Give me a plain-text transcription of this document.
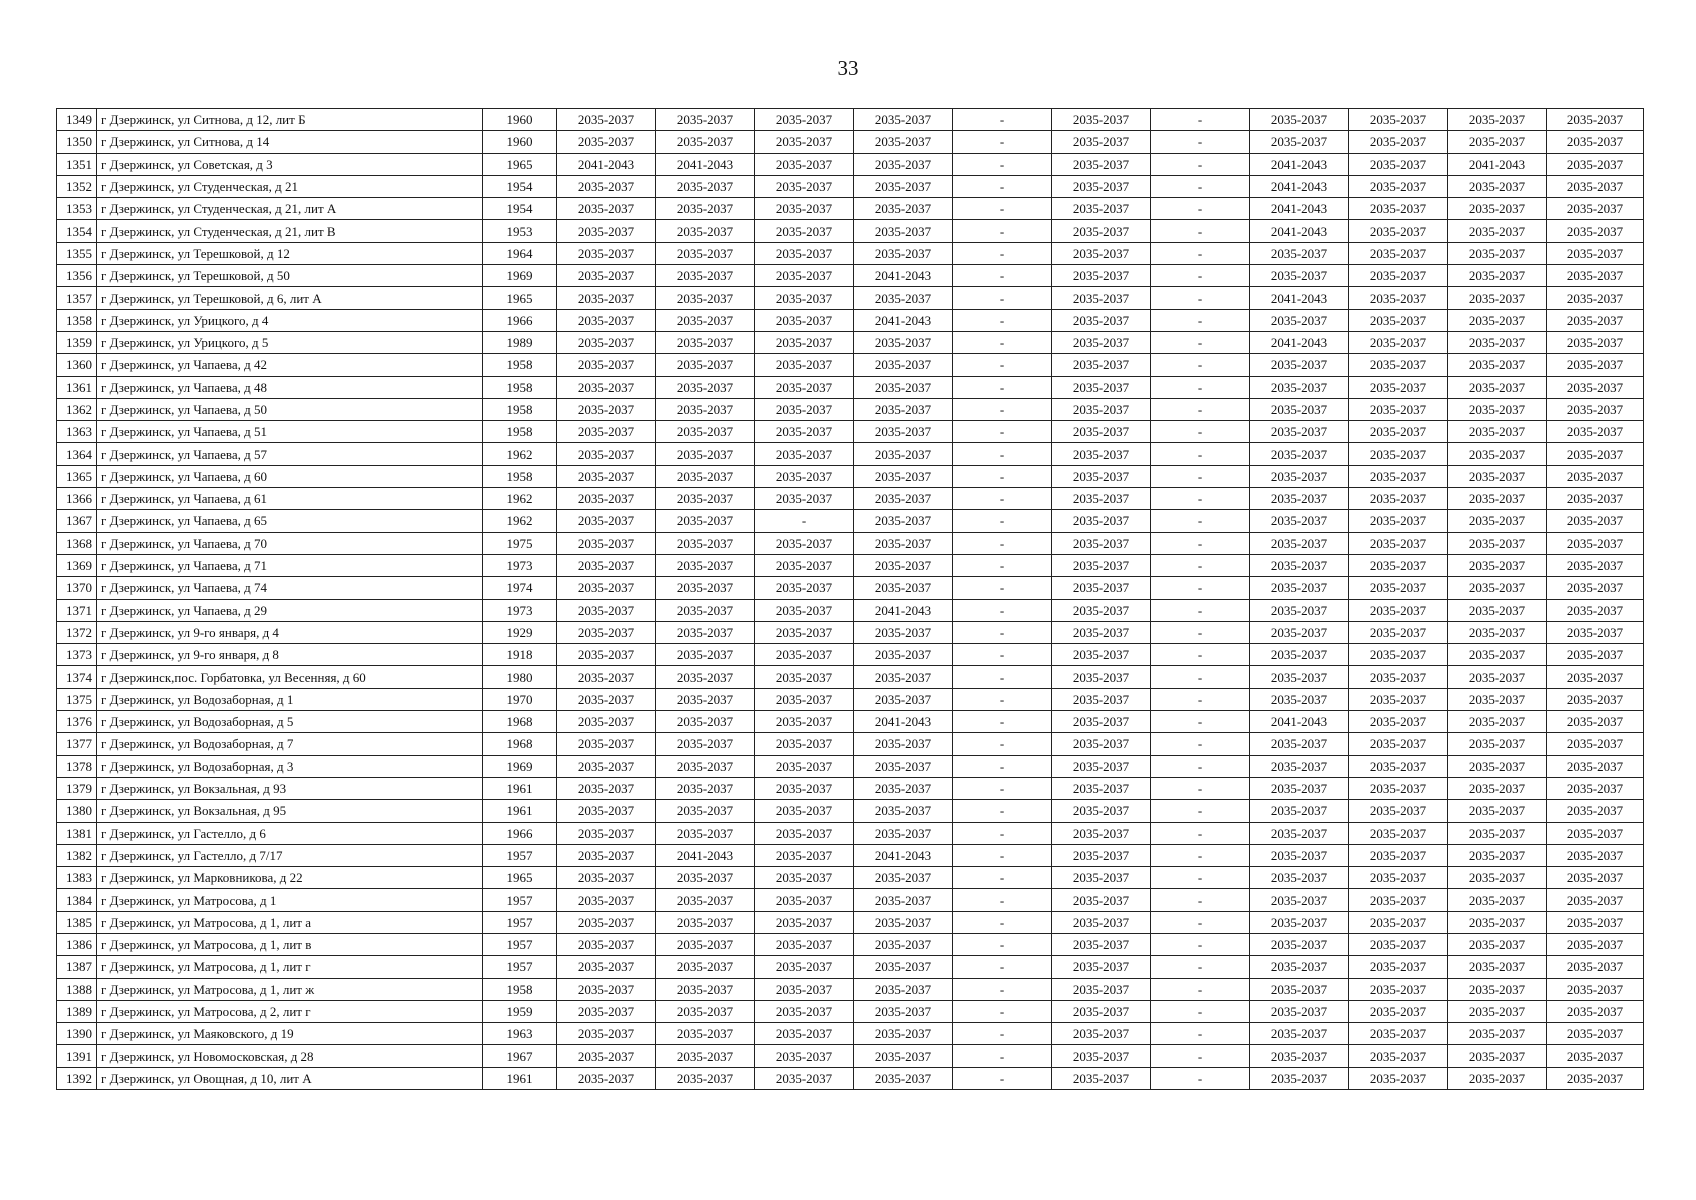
33
1349	г Дзержинск, ул Ситнова, д 12, лит Б	1960	2035-2037	2035-2037	2035-2037	2035-2037	-	2035-2037	-	2035-2037	2035-2037	2035-2037	2035-2037
1350	г Дзержинск, ул Ситнова, д 14	1960	2035-2037	2035-2037	2035-2037	2035-2037	-	2035-2037	-	2035-2037	2035-2037	2035-2037	2035-2037
1351	г Дзержинск, ул Советская, д 3	1965	2041-2043	2041-2043	2035-2037	2035-2037	-	2035-2037	-	2041-2043	2035-2037	2041-2043	2035-2037
1352	г Дзержинск, ул Студенческая, д 21	1954	2035-2037	2035-2037	2035-2037	2035-2037	-	2035-2037	-	2041-2043	2035-2037	2035-2037	2035-2037
1353	г Дзержинск, ул Студенческая, д 21, лит А	1954	2035-2037	2035-2037	2035-2037	2035-2037	-	2035-2037	-	2041-2043	2035-2037	2035-2037	2035-2037
1354	г Дзержинск, ул Студенческая, д 21, лит В	1953	2035-2037	2035-2037	2035-2037	2035-2037	-	2035-2037	-	2041-2043	2035-2037	2035-2037	2035-2037
1355	г Дзержинск, ул Терешковой, д 12	1964	2035-2037	2035-2037	2035-2037	2035-2037	-	2035-2037	-	2035-2037	2035-2037	2035-2037	2035-2037
1356	г Дзержинск, ул Терешковой, д 50	1969	2035-2037	2035-2037	2035-2037	2041-2043	-	2035-2037	-	2035-2037	2035-2037	2035-2037	2035-2037
1357	г Дзержинск, ул Терешковой, д 6, лит А	1965	2035-2037	2035-2037	2035-2037	2035-2037	-	2035-2037	-	2041-2043	2035-2037	2035-2037	2035-2037
1358	г Дзержинск, ул Урицкого, д 4	1966	2035-2037	2035-2037	2035-2037	2041-2043	-	2035-2037	-	2035-2037	2035-2037	2035-2037	2035-2037
1359	г Дзержинск, ул Урицкого, д 5	1989	2035-2037	2035-2037	2035-2037	2035-2037	-	2035-2037	-	2041-2043	2035-2037	2035-2037	2035-2037
1360	г Дзержинск, ул Чапаева, д 42	1958	2035-2037	2035-2037	2035-2037	2035-2037	-	2035-2037	-	2035-2037	2035-2037	2035-2037	2035-2037
1361	г Дзержинск, ул Чапаева, д 48	1958	2035-2037	2035-2037	2035-2037	2035-2037	-	2035-2037	-	2035-2037	2035-2037	2035-2037	2035-2037
1362	г Дзержинск, ул Чапаева, д 50	1958	2035-2037	2035-2037	2035-2037	2035-2037	-	2035-2037	-	2035-2037	2035-2037	2035-2037	2035-2037
1363	г Дзержинск, ул Чапаева, д 51	1958	2035-2037	2035-2037	2035-2037	2035-2037	-	2035-2037	-	2035-2037	2035-2037	2035-2037	2035-2037
1364	г Дзержинск, ул Чапаева, д 57	1962	2035-2037	2035-2037	2035-2037	2035-2037	-	2035-2037	-	2035-2037	2035-2037	2035-2037	2035-2037
1365	г Дзержинск, ул Чапаева, д 60	1958	2035-2037	2035-2037	2035-2037	2035-2037	-	2035-2037	-	2035-2037	2035-2037	2035-2037	2035-2037
1366	г Дзержинск, ул Чапаева, д 61	1962	2035-2037	2035-2037	2035-2037	2035-2037	-	2035-2037	-	2035-2037	2035-2037	2035-2037	2035-2037
1367	г Дзержинск, ул Чапаева, д 65	1962	2035-2037	2035-2037	-	2035-2037	-	2035-2037	-	2035-2037	2035-2037	2035-2037	2035-2037
1368	г Дзержинск, ул Чапаева, д 70	1975	2035-2037	2035-2037	2035-2037	2035-2037	-	2035-2037	-	2035-2037	2035-2037	2035-2037	2035-2037
1369	г Дзержинск, ул Чапаева, д 71	1973	2035-2037	2035-2037	2035-2037	2035-2037	-	2035-2037	-	2035-2037	2035-2037	2035-2037	2035-2037
1370	г Дзержинск, ул Чапаева, д 74	1974	2035-2037	2035-2037	2035-2037	2035-2037	-	2035-2037	-	2035-2037	2035-2037	2035-2037	2035-2037
1371	г Дзержинск, ул Чапаева, д 29	1973	2035-2037	2035-2037	2035-2037	2041-2043	-	2035-2037	-	2035-2037	2035-2037	2035-2037	2035-2037
1372	г Дзержинск, ул 9-го января, д 4	1929	2035-2037	2035-2037	2035-2037	2035-2037	-	2035-2037	-	2035-2037	2035-2037	2035-2037	2035-2037
1373	г Дзержинск, ул 9-го января, д 8	1918	2035-2037	2035-2037	2035-2037	2035-2037	-	2035-2037	-	2035-2037	2035-2037	2035-2037	2035-2037
1374	г Дзержинск,пос. Горбатовка, ул Весенняя, д 60	1980	2035-2037	2035-2037	2035-2037	2035-2037	-	2035-2037	-	2035-2037	2035-2037	2035-2037	2035-2037
1375	г Дзержинск, ул Водозаборная, д 1	1970	2035-2037	2035-2037	2035-2037	2035-2037	-	2035-2037	-	2035-2037	2035-2037	2035-2037	2035-2037
1376	г Дзержинск, ул Водозаборная, д 5	1968	2035-2037	2035-2037	2035-2037	2041-2043	-	2035-2037	-	2041-2043	2035-2037	2035-2037	2035-2037
1377	г Дзержинск, ул Водозаборная, д 7	1968	2035-2037	2035-2037	2035-2037	2035-2037	-	2035-2037	-	2035-2037	2035-2037	2035-2037	2035-2037
1378	г Дзержинск, ул Водозаборная, д 3	1969	2035-2037	2035-2037	2035-2037	2035-2037	-	2035-2037	-	2035-2037	2035-2037	2035-2037	2035-2037
1379	г Дзержинск, ул Вокзальная, д 93	1961	2035-2037	2035-2037	2035-2037	2035-2037	-	2035-2037	-	2035-2037	2035-2037	2035-2037	2035-2037
1380	г Дзержинск, ул Вокзальная, д 95	1961	2035-2037	2035-2037	2035-2037	2035-2037	-	2035-2037	-	2035-2037	2035-2037	2035-2037	2035-2037
1381	г Дзержинск, ул Гастелло, д 6	1966	2035-2037	2035-2037	2035-2037	2035-2037	-	2035-2037	-	2035-2037	2035-2037	2035-2037	2035-2037
1382	г Дзержинск, ул Гастелло, д 7/17	1957	2035-2037	2041-2043	2035-2037	2041-2043	-	2035-2037	-	2035-2037	2035-2037	2035-2037	2035-2037
1383	г Дзержинск, ул Марковникова, д 22	1965	2035-2037	2035-2037	2035-2037	2035-2037	-	2035-2037	-	2035-2037	2035-2037	2035-2037	2035-2037
1384	г Дзержинск, ул Матросова, д 1	1957	2035-2037	2035-2037	2035-2037	2035-2037	-	2035-2037	-	2035-2037	2035-2037	2035-2037	2035-2037
1385	г Дзержинск, ул Матросова, д 1, лит а	1957	2035-2037	2035-2037	2035-2037	2035-2037	-	2035-2037	-	2035-2037	2035-2037	2035-2037	2035-2037
1386	г Дзержинск, ул Матросова, д 1, лит в	1957	2035-2037	2035-2037	2035-2037	2035-2037	-	2035-2037	-	2035-2037	2035-2037	2035-2037	2035-2037
1387	г Дзержинск, ул Матросова, д 1, лит г	1957	2035-2037	2035-2037	2035-2037	2035-2037	-	2035-2037	-	2035-2037	2035-2037	2035-2037	2035-2037
1388	г Дзержинск, ул Матросова, д 1, лит ж	1958	2035-2037	2035-2037	2035-2037	2035-2037	-	2035-2037	-	2035-2037	2035-2037	2035-2037	2035-2037
1389	г Дзержинск, ул Матросова, д 2, лит г	1959	2035-2037	2035-2037	2035-2037	2035-2037	-	2035-2037	-	2035-2037	2035-2037	2035-2037	2035-2037
1390	г Дзержинск, ул Маяковского, д 19	1963	2035-2037	2035-2037	2035-2037	2035-2037	-	2035-2037	-	2035-2037	2035-2037	2035-2037	2035-2037
1391	г Дзержинск, ул Новомосковская, д 28	1967	2035-2037	2035-2037	2035-2037	2035-2037	-	2035-2037	-	2035-2037	2035-2037	2035-2037	2035-2037
1392	г Дзержинск, ул Овощная, д 10, лит А	1961	2035-2037	2035-2037	2035-2037	2035-2037	-	2035-2037	-	2035-2037	2035-2037	2035-2037	2035-2037
